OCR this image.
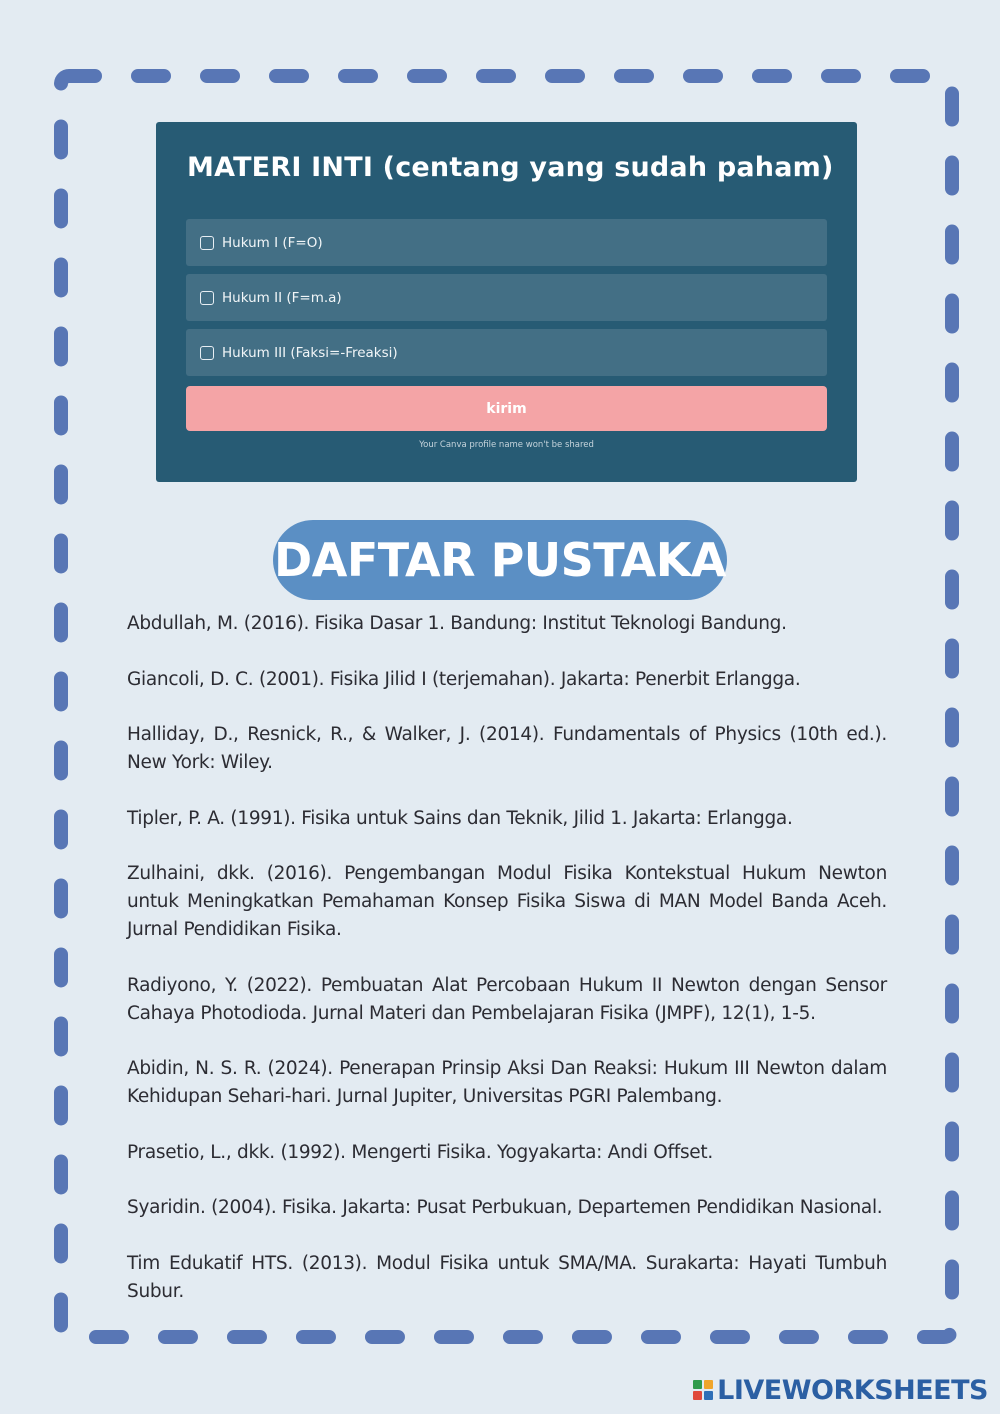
MATERI INTI (centang yang sudah paham)
Hukum I (F=O)
Hukum II (F=m.a)
Hukum III (Faksi=-Freaksi)
kirim
Your Canva profile name won't be shared
DAFTAR PUSTAKA

Abdullah, M. (2016). Fisika Dasar 1. Bandung: Institut Teknologi Bandung.

Giancoli, D. C. (2001). Fisika Jilid I (terjemahan). Jakarta: Penerbit Erlangga.

Halliday, D., Resnick, R., & Walker, J. (2014). Fundamentals of Physics (10th ed.). New York: Wiley.

Tipler, P. A. (1991). Fisika untuk Sains dan Teknik, Jilid 1. Jakarta: Erlangga.

Zulhaini, dkk. (2016). Pengembangan Modul Fisika Kontekstual Hukum Newton untuk Meningkatkan Pemahaman Konsep Fisika Siswa di MAN Model Banda Aceh. Jurnal Pendidikan Fisika.

Radiyono, Y. (2022). Pembuatan Alat Percobaan Hukum II Newton dengan Sensor Cahaya Photodioda. Jurnal Materi dan Pembelajaran Fisika (JMPF), 12(1), 1-5.

Abidin, N. S. R. (2024). Penerapan Prinsip Aksi Dan Reaksi: Hukum III Newton dalam Kehidupan Sehari-hari. Jurnal Jupiter, Universitas PGRI Palembang.

Prasetio, L., dkk. (1992). Mengerti Fisika. Yogyakarta: Andi Offset.

Syaridin. (2004). Fisika. Jakarta: Pusat Perbukuan, Departemen Pendidikan Nasional.

Tim Edukatif HTS. (2013). Modul Fisika untuk SMA/MA. Surakarta: Hayati Tumbuh Subur.

LIVEWORKSHEETS
